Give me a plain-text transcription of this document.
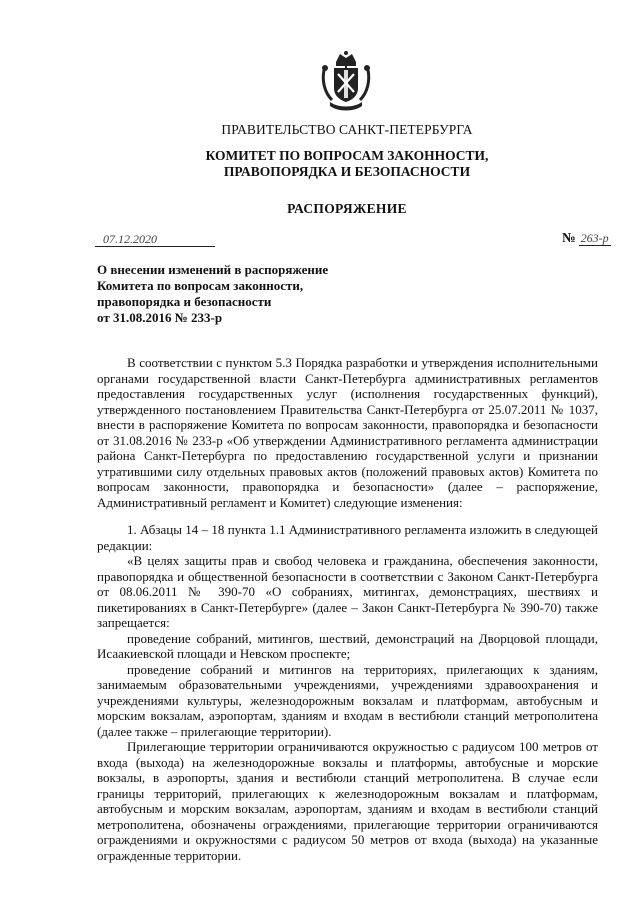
ПРАВИТЕЛЬСТВО САНКТ-ПЕТЕРБУРГА
КОМИТЕТ ПО ВОПРОСАМ ЗАКОННОСТИ,
ПРАВОПОРЯДКА И БЕЗОПАСНОСТИ
РАСПОРЯЖЕНИЕ
07.12.2020	№ 263-р
О внесении изменений в распоряжение
Комитета по вопросам законности,
правопорядка и безопасности
от 31.08.2016 № 233-р

В соответствии с пунктом 5.3 Порядка разработки и утверждения исполнительными органами государственной власти Санкт-Петербурга административных регламентов предоставления государственных услуг (исполнения государственных функций), утвержденного постановлением Правительства Санкт-Петербурга от 25.07.2011 № 1037, внести в распоряжение Комитета по вопросам законности, правопорядка и безопасности от 31.08.2016 № 233-р «Об утверждении Административного регламента администрации района Санкт-Петербурга по предоставлению государственной услуги и признании утратившими силу отдельных правовых актов (положений правовых актов) Комитета по вопросам законности, правопорядка и безопасности» (далее – распоряжение, Административный регламент и Комитет) следующие изменения:

1. Абзацы 14 – 18 пункта 1.1 Административного регламента изложить в следующей редакции:

«В целях защиты прав и свобод человека и гражданина, обеспечения законности, правопорядка и общественной безопасности в соответствии с Законом Санкт-Петербурга от 08.06.2011 № 390-70 «О собраниях, митингах, демонстрациях, шествиях и пикетированиях в Санкт-Петербурге» (далее – Закон Санкт-Петербурга № 390-70) также запрещается:

проведение собраний, митингов, шествий, демонстраций на Дворцовой площади, Исаакиевской площади и Невском проспекте;

проведение собраний и митингов на территориях, прилегающих к зданиям, занимаемым образовательными учреждениями, учреждениями здравоохранения и учреждениями культуры, железнодорожным вокзалам и платформам, автобусным и морским вокзалам, аэропортам, зданиям и входам в вестибюли станций метрополитена (далее также – прилегающие территории).

Прилегающие территории ограничиваются окружностью с радиусом 100 метров от входа (выхода) на железнодорожные вокзалы и платформы, автобусные и морские вокзалы, в аэропорты, здания и вестибюли станций метрополитена. В случае если границы территорий, прилегающих к железнодорожным вокзалам и платформам, автобусным и морским вокзалам, аэропортам, зданиям и входам в вестибюли станций метрополитена, обозначены ограждениями, прилегающие территории ограничиваются ограждениями и окружностями с радиусом 50 метров от входа (выхода) на указанные огражденные территории.
